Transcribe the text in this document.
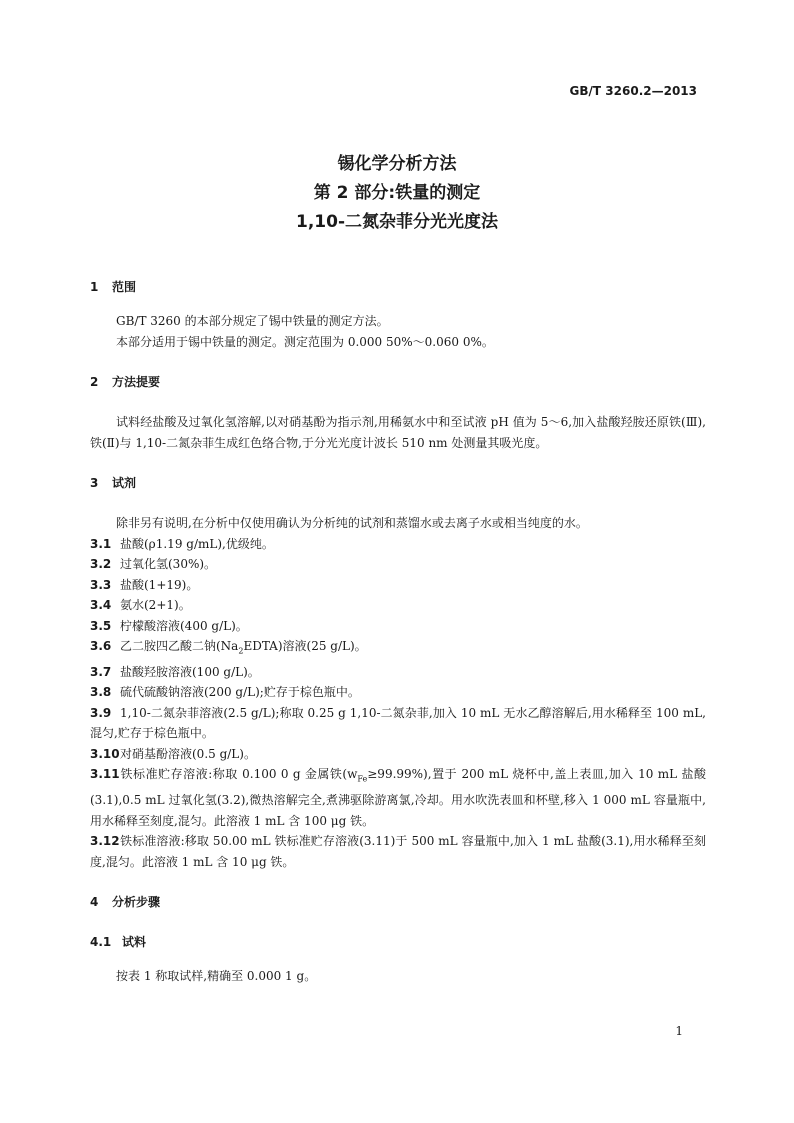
GB/T 3260.2—2013
锡化学分析方法
第 2 部分:铁量的测定
1,10-二氮杂菲分光光度法
1 范围
GB/T 3260 的本部分规定了锡中铁量的测定方法。
本部分适用于锡中铁量的测定。测定范围为 0.000 50%～0.060 0%。
2 方法提要
试料经盐酸及过氧化氢溶解,以对硝基酚为指示剂,用稀氨水中和至试液 pH 值为 5～6,加入盐酸羟胺还原铁(Ⅲ),铁(Ⅱ)与 1,10-二氮杂菲生成红色络合物,于分光光度计波长 510 nm 处测量其吸光度。
3 试剂
除非另有说明,在分析中仅使用确认为分析纯的试剂和蒸馏水或去离子水或相当纯度的水。
3.1 盐酸(ρ1.19 g/mL),优级纯。
3.2 过氧化氢(30%)。
3.3 盐酸(1+19)。
3.4 氨水(2+1)。
3.5 柠檬酸溶液(400 g/L)。
3.6 乙二胺四乙酸二钠$(Na_2EDTA)$溶液(25 g/L)。
3.7 盐酸羟胺溶液(100 g/L)。
3.8 硫代硫酸钠溶液(200 g/L);贮存于棕色瓶中。
3.9 1,10-二氮杂菲溶液(2.5 g/L);称取 0.25 g 1,10-二氮杂菲,加入 10 mL 无水乙醇溶解后,用水稀释至 100 mL,混匀,贮存于棕色瓶中。
3.10对硝基酚溶液(0.5 g/L)。
3.11铁标准贮存溶液:称取 0.100 0 g 金属铁$(w_{Fe}\ge 99.99\%)$,置于 200 mL 烧杯中,盖上表皿,加入 10 mL 盐酸(3.1),0.5 mL 过氧化氢(3.2),微热溶解完全,煮沸驱除游离氯,冷却。用水吹洗表皿和杯壁,移入 1 000 mL 容量瓶中,用水稀释至刻度,混匀。此溶液 1 mL 含 100 μg 铁。
3.12铁标准溶液:移取 50.00 mL 铁标准贮存溶液(3.11)于 500 mL 容量瓶中,加入 1 mL 盐酸(3.1),用水稀释至刻度,混匀。此溶液 1 mL 含 10 μg 铁。
4 分析步骤
4.1 试料
按表 1 称取试样,精确至 0.000 1 g。
1
